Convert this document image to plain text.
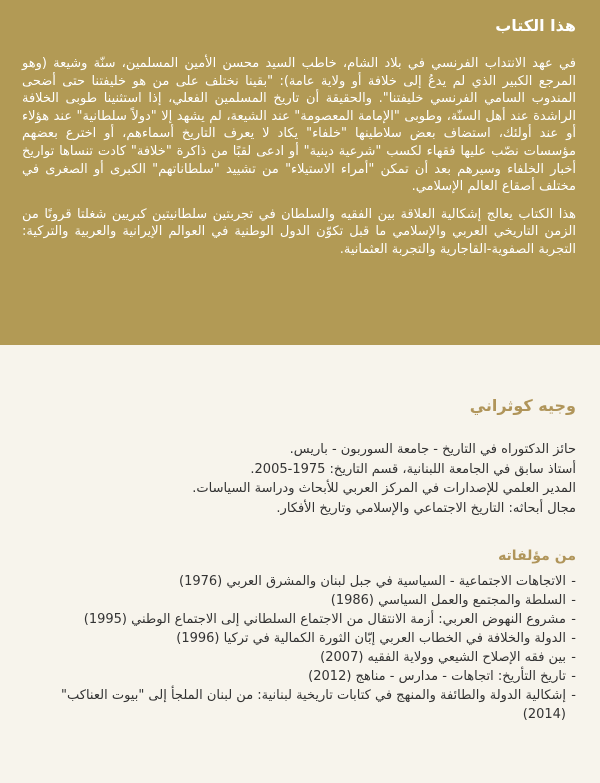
هذا الكتاب

في عهد الانتداب الفرنسي في بلاد الشام، خاطب السيد محسن الأمين المسلمين، سنّة وشيعة (وهو المرجع الكبير الذي لم يدعُ إلى خلافة أو ولاية عامة): "بقينا نختلف على من هو خليفتنا حتى أضحى المندوب السامي الفرنسي خليفتنا". والحقيقة أن تاريخ المسلمين الفعلي، إذا استثنينا طوبى الخلافة الراشدة عند أهل السنّة، وطوبى "الإمامة المعصومة" عند الشيعة، لم يشهد إلا "دولاً سلطانية" عند هؤلاء أو عند أولئك، استضاف بعض سلاطينها "خلفاء" يكاد لا يعرف التاريخ أسماءهم، أو اخترع بعضهم مؤسسات نصّب عليها فقهاء لكسب "شرعية دينية" أو ادعى لقبًا من ذاكرة "خلافة" كادت تنساها تواريخ أخبار الخلفاء وسيرهم بعد أن تمكن "أمراء الاستيلاء" من تشييد "سلطاناتهم" الكبرى أو الصغرى في مختلف أصقاع العالم الإسلامي.

هذا الكتاب يعالج إشكالية العلاقة بين الفقيه والسلطان في تجربتين سلطانيتين كبريين شغلتا قرونًا من الزمن التاريخي العربي والإسلامي ما قبل تكوّن الدول الوطنية في العوالم الإيرانية والعربية والتركية: التجربة الصفوية-القاجارية والتجربة العثمانية.

وجيه كوثراني
حائز الدكتوراه في التاريخ - جامعة السوربون - باريس.
أستاذ سابق في الجامعة اللبنانية، قسم التاريخ: 1975-2005.
المدير العلمي للإصدارات في المركز العربي للأبحاث ودراسة السياسات.
مجال أبحاثه: التاريخ الاجتماعي والإسلامي وتاريخ الأفكار.
من مؤلفاته
-
الاتجاهات الاجتماعية - السياسية في جبل لبنان والمشرق العربي (1976)
-
السلطة والمجتمع والعمل السياسي (1986)
-
مشروع النهوض العربي: أزمة الانتقال من الاجتماع السلطاني إلى الاجتماع الوطني (1995)
-
الدولة والخلافة في الخطاب العربي إبّان الثورة الكمالية في تركيا (1996)
-
بين فقه الإصلاح الشيعي وولاية الفقيه (2007)
-
تاريخ التأريخ: اتجاهات - مدارس - مناهج (2012)
-
إشكالية الدولة والطائفة والمنهج في كتابات تاريخية لبنانية: من لبنان الملجأ إلى "بيوت العناكب" (2014)
